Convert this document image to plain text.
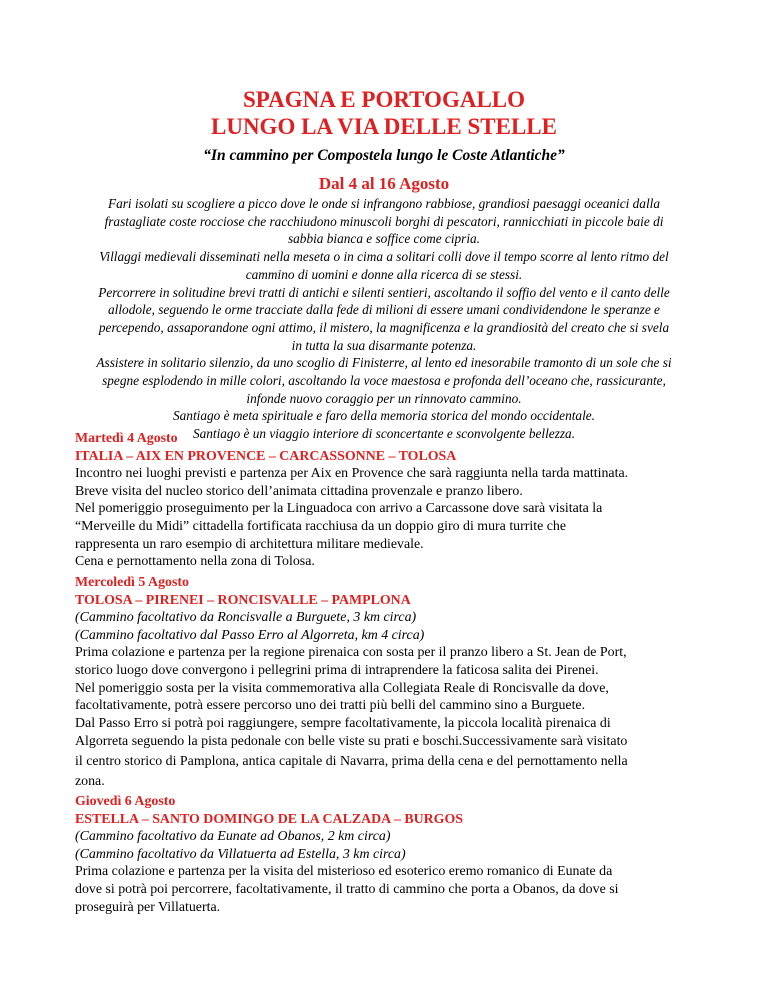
SPAGNA E PORTOGALLO
LUNGO LA VIA DELLE STELLE
“In cammino per Compostela lungo le Coste Atlantiche”
Dal 4 al 16 Agosto

Fari isolati su scogliere a picco dove le onde si infrangono rabbiose, grandiosi paesaggi oceanici dalla

frastagliate coste rocciose che racchiudono minuscoli borghi di pescatori, rannicchiati in piccole baie di

sabbia bianca e soffice come cipria.

Villaggi medievali disseminati nella meseta o in cima a solitari colli dove il tempo scorre al lento ritmo del

cammino di uomini e donne alla ricerca di se stessi.

Percorrere in solitudine brevi tratti di antichi e silenti sentieri, ascoltando il soffio del vento e il canto delle

allodole, seguendo le orme tracciate dalla fede di milioni di essere umani condividendone le speranze e

percependo, assaporandone ogni attimo, il mistero, la magnificenza e la grandiosità del creato che si svela

in tutta la sua disarmante potenza.

Assistere in solitario silenzio, da uno scoglio di Finisterre, al lento ed inesorabile tramonto di un sole che si

spegne esplodendo in mille colori, ascoltando la voce maestosa e profonda dell’oceano che, rassicurante,

infonde nuovo coraggio per un rinnovato cammino.

Santiago è meta spirituale e faro della memoria storica del mondo occidentale.

Santiago è un viaggio interiore di sconcertante e sconvolgente bellezza.

Martedì 4 Agosto
ITALIA – AIX EN PROVENCE – CARCASSONNE – TOLOSA
Incontro nei luoghi previsti e partenza per Aix en Provence che sarà raggiunta nella tarda mattinata.
Breve visita del nucleo storico dell’animata cittadina provenzale e pranzo libero.
Nel pomeriggio proseguimento per la Linguadoca con arrivo a Carcassone dove sarà visitata la
“Merveille du Midi” cittadella fortificata racchiusa da un doppio giro di mura turrite che
rappresenta un raro esempio di architettura militare medievale.
Cena e pernottamento nella zona di Tolosa.
Mercoledì 5 Agosto
TOLOSA – PIRENEI – RONCISVALLE – PAMPLONA
(Cammino facoltativo da Roncisvalle a Burguete, 3 km circa)
(Cammino facoltativo dal Passo Erro al Algorreta, km 4 circa)
Prima colazione e partenza per la regione pirenaica con sosta per il pranzo libero a St. Jean de Port,
storico luogo dove convergono i pellegrini prima di intraprendere la faticosa salita dei Pirenei.
Nel pomeriggio sosta per la visita commemorativa alla Collegiata Reale di Roncisvalle da dove,
facoltativamente, potrà essere percorso uno dei tratti più belli del cammino sino a Burguete.
Dal Passo Erro si potrà poi raggiungere, sempre facoltativamente, la piccola località pirenaica di
Algorreta seguendo la pista pedonale con belle viste su prati e boschi.Successivamente sarà visitato
il centro storico di Pamplona, antica capitale di Navarra, prima della cena e del pernottamento nella
zona.
Giovedì 6 Agosto
ESTELLA – SANTO DOMINGO DE LA CALZADA – BURGOS
(Cammino facoltativo da Eunate ad Obanos, 2 km circa)
(Cammino facoltativo da Villatuerta ad Estella, 3 km circa)
Prima colazione e partenza per la visita del misterioso ed esoterico eremo romanico di Eunate da
dove si potrà poi percorrere, facoltativamente, il tratto di cammino che porta a Obanos, da dove si
proseguirà per Villatuerta.
